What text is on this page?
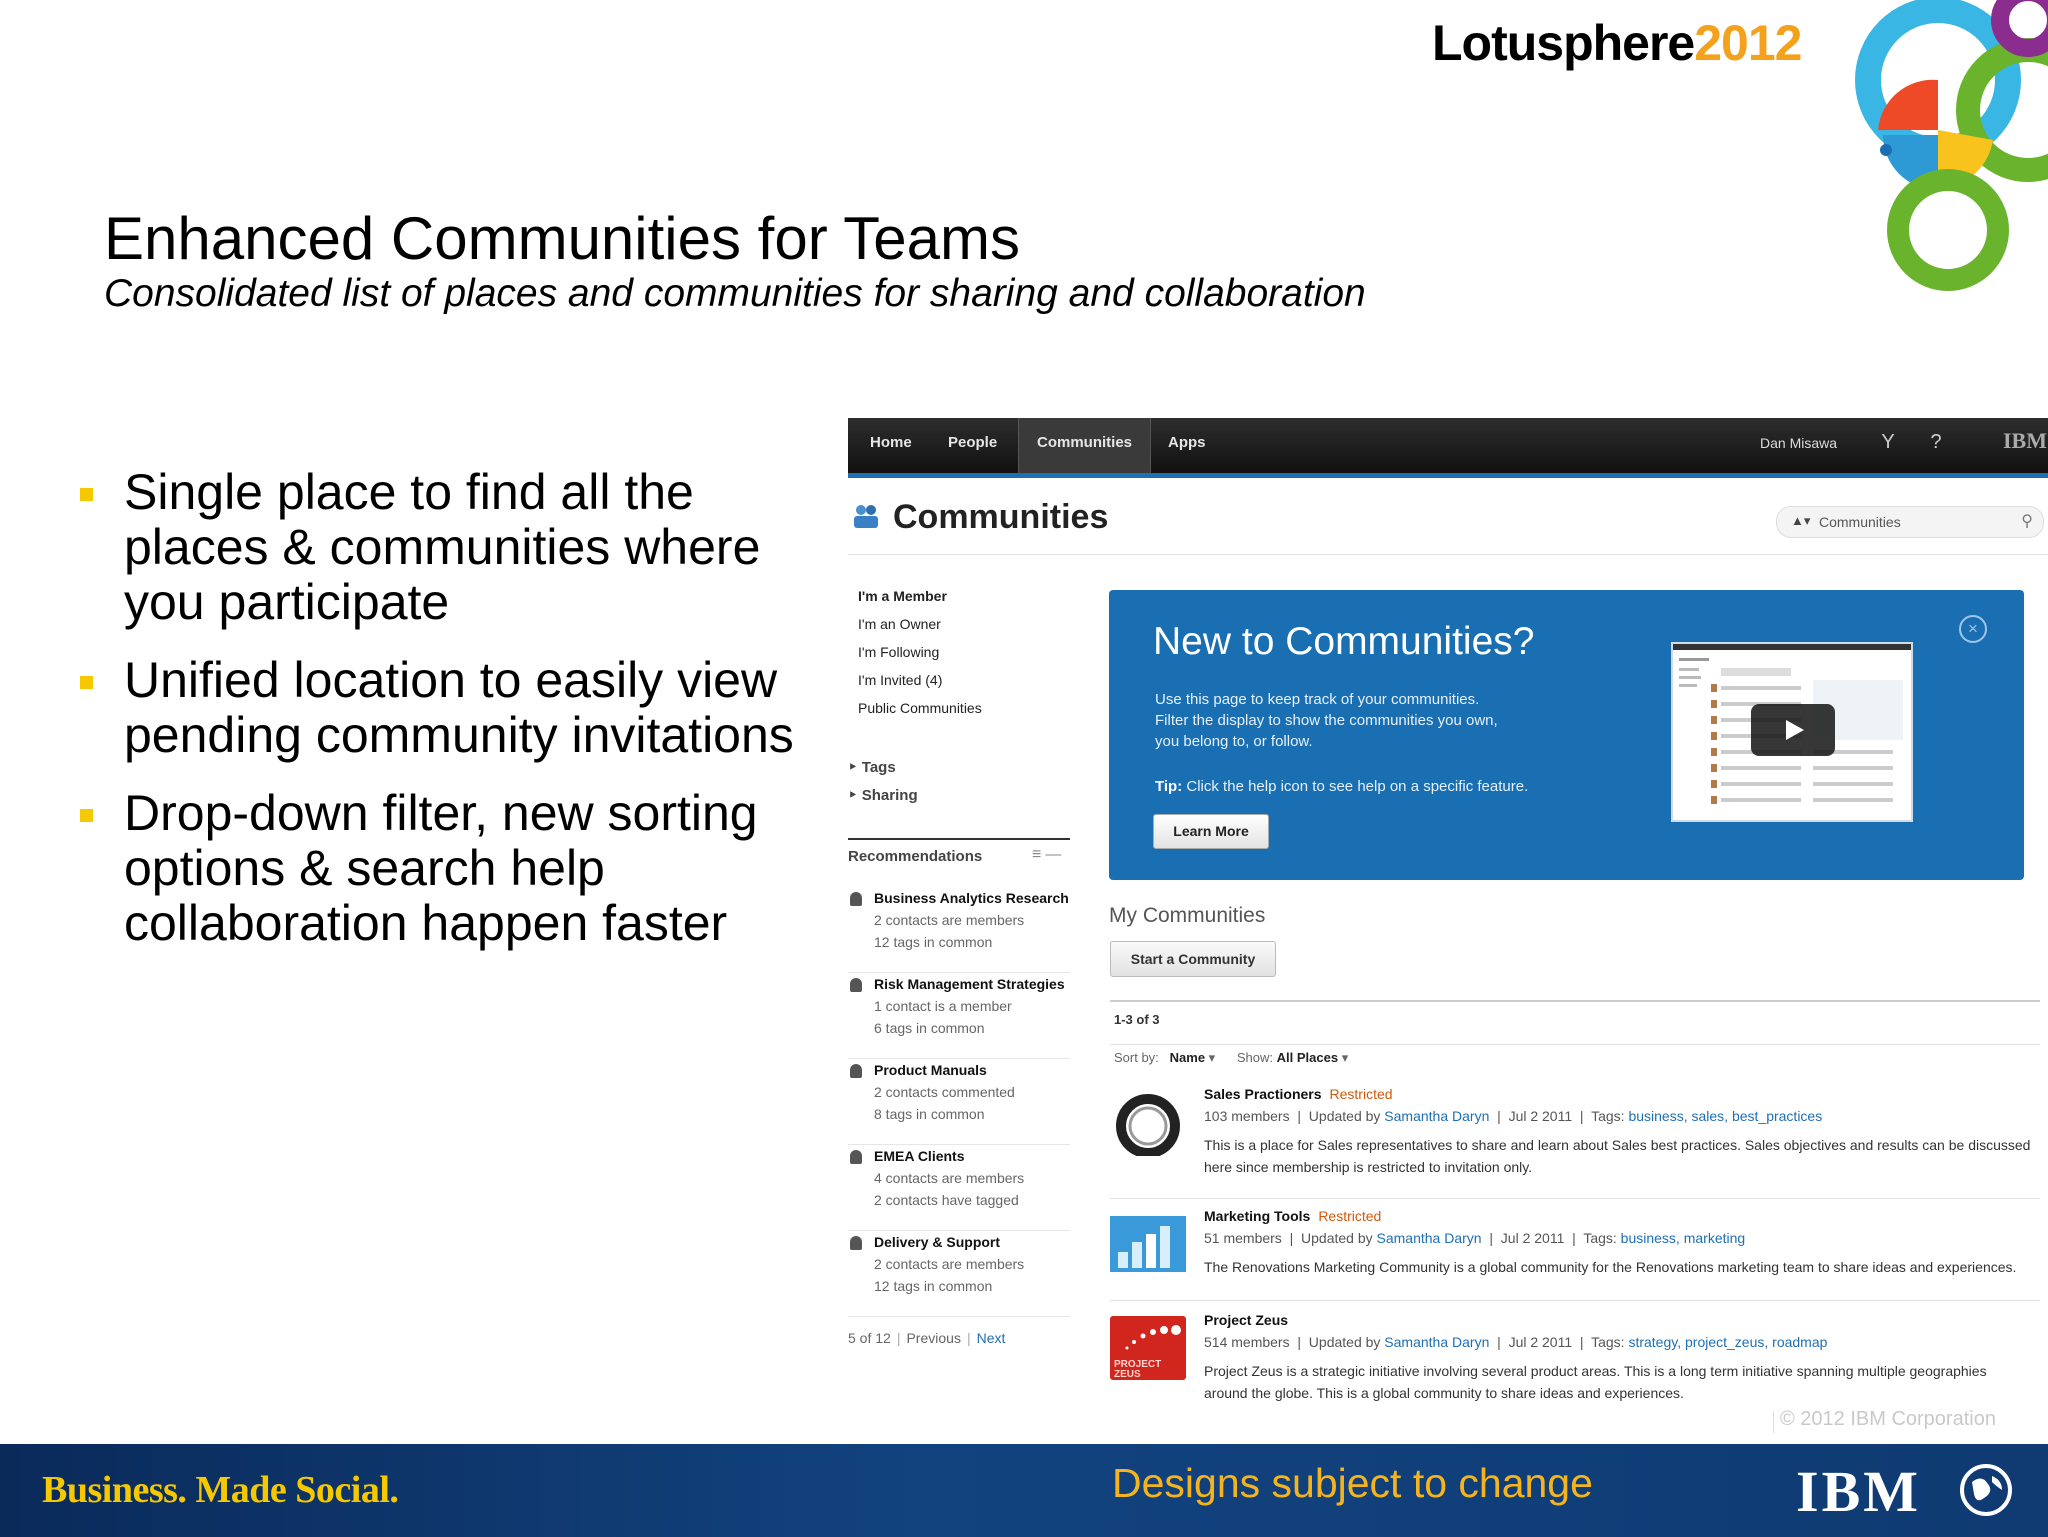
Lotusphere2012
Enhanced Communities for Teams

Consolidated list of places and communities for sharing and collaboration

Single place to find all the places & communities where you participate
Unified location to easily view pending community invitations
Drop-down filter, new sorting options & search help collaboration happen faster
Home	People	Communities	Apps	Dan Misawa	Y	?	IBM
Communities	▲▾ Communities	⚲
I'm a Member
I'm an Owner
I'm Following
I'm Invited (4)
Public Communities
‣ Tags
‣ Sharing
Recommendations	≡—
Business Analytics Research
2 contacts are members
12 tags in common
Risk Management Strategies
1 contact is a member
6 tags in common
Product Manuals
2 contacts commented
8 tags in common
EMEA Clients
4 contacts are members
2 contacts have tagged
Delivery & Support
2 contacts are members
12 tags in common
5 of 12 | Previous | Next
New to Communities?
Use this page to keep track of your communities.
Filter the display to show the communities you own,
you belong to, or follow.
Tip: Click the help icon to see help on a specific feature.
Learn More
×
My Communities
Start a Community
1-3 of 3
Sort by: Name ▾ Show: All Places ▾
Sales Practioners Restricted
103 members  |  Updated by Samantha Daryn  |  Jul 2 2011  |  Tags: business, sales, best_practices
This is a place for Sales representatives to share and learn about Sales best practices. Sales objectives and results can be discussed here since membership is restricted to invitation only.
Marketing Tools Restricted
51 members  |  Updated by Samantha Daryn  |  Jul 2 2011  |  Tags: business, marketing
The Renovations Marketing Community is a global community for the Renovations marketing team to share ideas and experiences.
PROJECT ZEUS
Project Zeus
514 members  |  Updated by Samantha Daryn  |  Jul 2 2011  |  Tags: strategy, project_zeus, roadmap
Project Zeus is a strategic initiative involving several product areas. This is a long term initiative spanning multiple geographies around the globe. This is a global community to share ideas and experiences.
© 2012 IBM Corporation
Business. Made Social.	Designs subject to change	IBM
